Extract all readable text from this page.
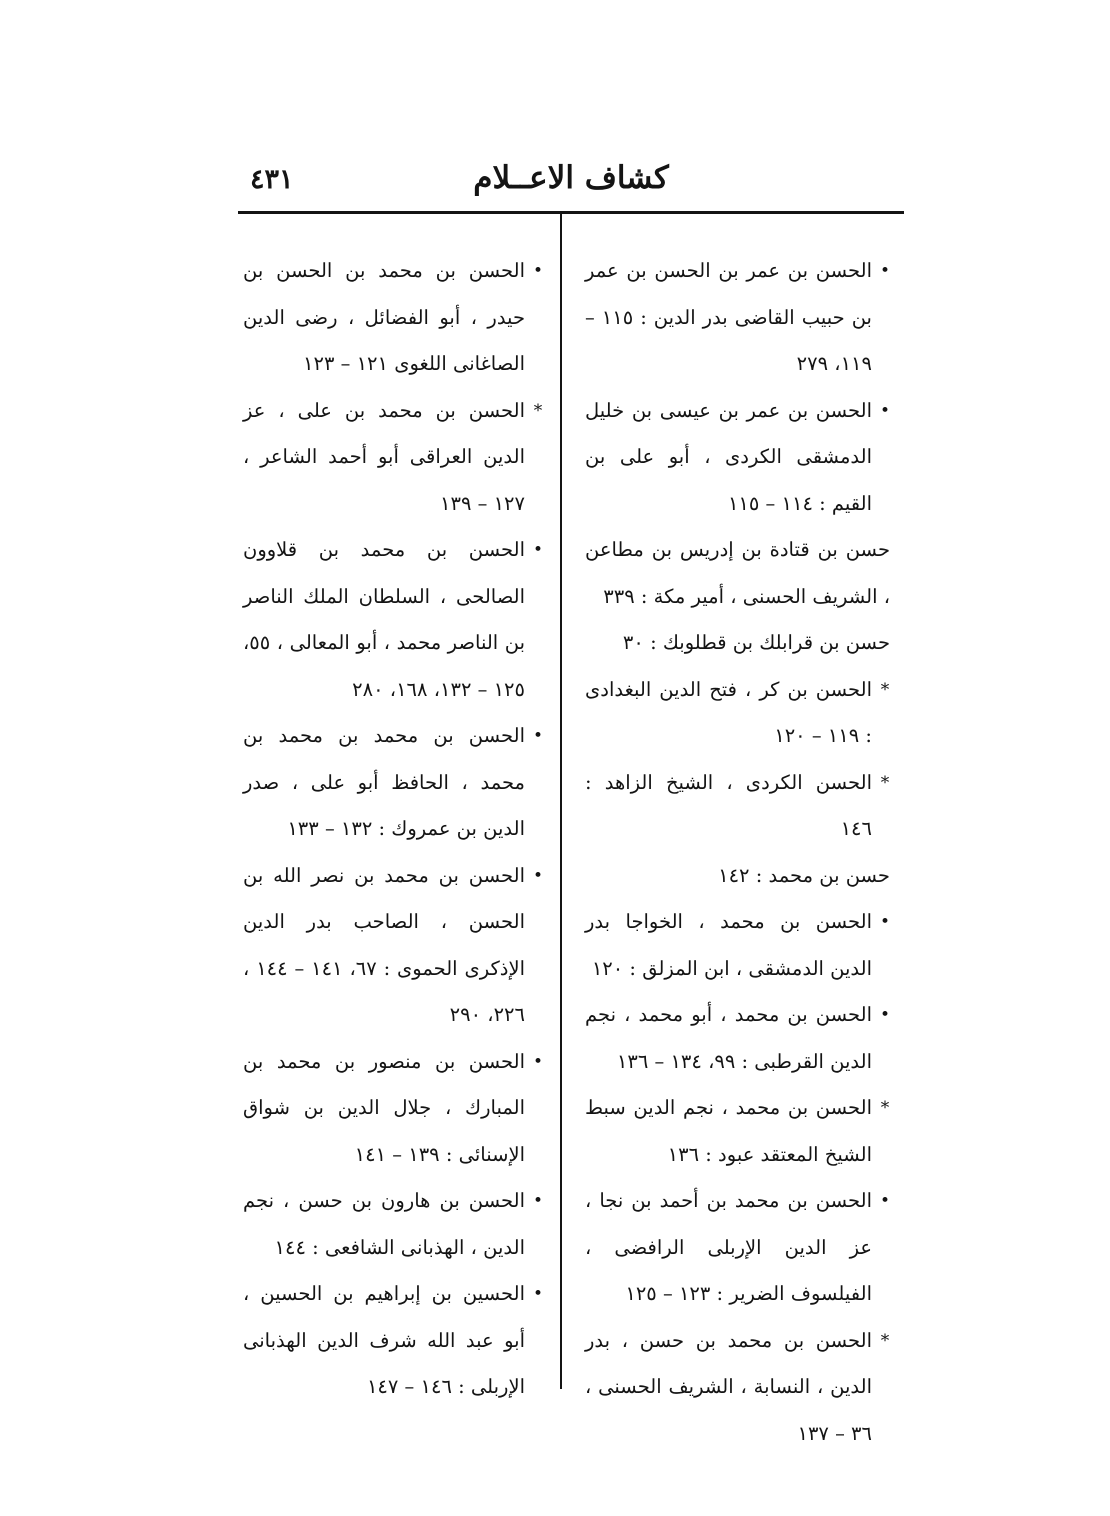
كشاف الاعــلام
٤٣١
•
الحسن بن عمر بن الحسن بن عمر بن حبيب القاضى بدر الدين : ١١٥ – ١١٩، ٢٧٩
•
الحسن بن عمر بن عيسى بن خليل الدمشقى الكردى ، أبو على بن القيم : ١١٤ – ١١٥
حسن بن قتادة بن إدريس بن مطاعن ، الشريف الحسنى ، أمير مكة : ٣٣٩
حسن بن قرابلك بن قطلوبك : ٣٠
*
الحسن بن كر ، فتح الدين البغدادى : ١١٩ – ١٢٠
*
الحسن الكردى ، الشيخ الزاهد : ١٤٦
حسن بن محمد : ١٤٢
•
الحسن بن محمد ، الخواجا بدر الدين الدمشقى ، ابن المزلق : ١٢٠
•
الحسن بن محمد ، أبو محمد ، نجم الدين القرطبى : ٩٩، ١٣٤ – ١٣٦
*
الحسن بن محمد ، نجم الدين سبط الشيخ المعتقد عبود : ١٣٦
•
الحسن بن محمد بن أحمد بن نجا ، عز الدين الإربلى الرافضى ، الفيلسوف الضرير : ١٢٣ – ١٢٥
*
الحسن بن محمد بن حسن ، بدر الدين ، النسابة ، الشريف الحسنى ، ٣٦ – ١٣٧
•
الحسن بن محمد بن الحسن بن حيدر ، أبو الفضائل ، رضى الدين الصاغانى اللغوى ١٢١ – ١٢٣
*
الحسن بن محمد بن على ، عز الدين العراقى أبو أحمد الشاعر ، ١٢٧ – ١٣٩
•
الحسن بن محمد بن قلاوون الصالحى ، السلطان الملك الناصر بن الناصر محمد ، أبو المعالى ، ٥٥، ١٢٥ – ١٣٢، ١٦٨، ٢٨٠
•
الحسن بن محمد بن محمد بن محمد ، الحافظ أبو على ، صدر الدين بن عمروك : ١٣٢ – ١٣٣
•
الحسن بن محمد بن نصر الله بن الحسن ، الصاحب بدر الدين الإذكرى الحموى : ٦٧، ١٤١ – ١٤٤ ، ٢٢٦، ٢٩٠
•
الحسن بن منصور بن محمد بن المبارك ، جلال الدين بن شواق الإسنائى : ١٣٩ – ١٤١
•
الحسن بن هارون بن حسن ، نجم الدين ، الهذبانى الشافعى : ١٤٤
•
الحسين بن إبراهيم بن الحسين ، أبو عبد الله شرف الدين الهذبانى الإربلى : ١٤٦ – ١٤٧
